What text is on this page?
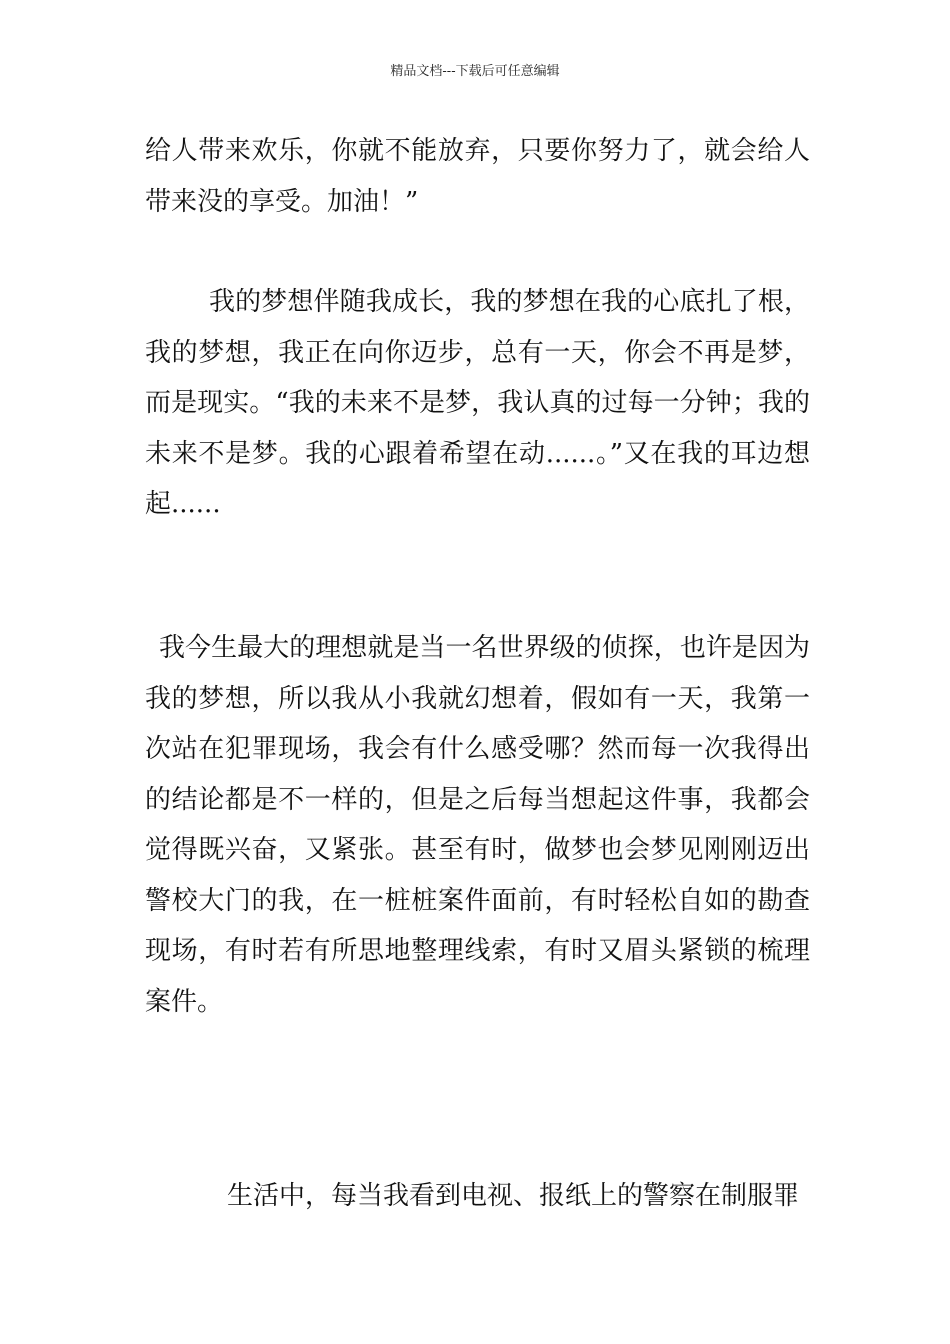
精品文档---下载后可任意编辑

给人带来欢乐，你就不能放弃，只要你努力了，就会给人带来没的享受。加油！”

我的梦想伴随我成长，我的梦想在我的心底扎了根，我的梦想，我正在向你迈步，总有一天，你会不再是梦，而是现实。“我的未来不是梦，我认真的过每一分钟；我的未来不是梦。我的心跟着希望在动......。”又在我的耳边想起......

我今生最大的理想就是当一名世界级的侦探，也许是因为我的梦想，所以我从小我就幻想着，假如有一天，我第一次站在犯罪现场，我会有什么感受哪？然而每一次我得出的结论都是不一样的，但是之后每当想起这件事，我都会觉得既兴奋，又紧张。甚至有时，做梦也会梦见刚刚迈出警校大门的我，在一桩桩案件面前，有时轻松自如的勘查现场，有时若有所思地整理线索，有时又眉头紧锁的梳理案件。

生活中，每当我看到电视、报纸上的警察在制服罪
